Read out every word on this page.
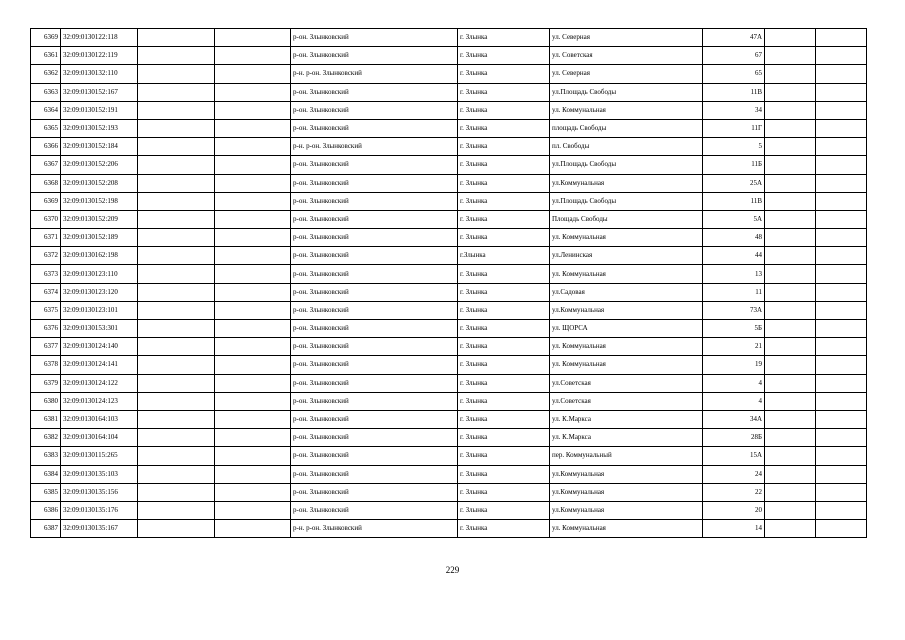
6369	32:09:0130122:118			р-он. Злынковский	г. Злынка	ул. Северная	47А		
6361	32:09:0130122:119			р-он. Злынковский	г. Злынка	ул. Советская	67		
6362	32:09:0130132:110			р-н. р-он. Злынковский	г. Злынка	ул. Северная	65		
6363	32:09:0130152:167			р-он. Злынковский	г. Злынка	ул.Площадь Свободы	11В		
6364	32:09:0130152:191			р-он. Злынковский	г. Злынка	ул. Коммунальная	34		
6365	32:09:0130152:193			р-он. Злынковский	г. Злынка	площадь Свободы	11Г		
6366	32:09:0130152:184			р-н. р-он. Злынковский	г. Злынка	пл. Свободы	5		
6367	32:09:0130152:206			р-он. Злынковский	г. Злынка	ул.Площадь Свободы	11Б		
6368	32:09:0130152:208			р-он. Злынковский	г. Злынка	ул.Коммунальная	25А		
6369	32:09:0130152:198			р-он. Злынковский	г. Злынка	ул.Площадь Свободы	11В		
6370	32:09:0130152:209			р-он. Злынковский	г. Злынка	Площадь Свободы	5А		
6371	32:09:0130152:189			р-он. Злынковский	г. Злынка	ул. Коммунальная	48		
6372	32:09:0130162:198			р-он. Злынковский	г.Злынка	ул.Ленинская	44		
6373	32:09:0130123:110			р-он. Злынковский	г. Злынка	ул. Коммунальная	13		
6374	32:09:0130123:120			р-он. Злынковский	г. Злынка	ул.Садовая	11		
6375	32:09:0130123:101			р-он. Злынковский	г. Злынка	ул.Коммунальная	73А		
6376	32:09:0130153:301			р-он. Злынковский	г. Злынка	ул. ЩОРСА	5Б		
6377	32:09:0130124:140			р-он. Злынковский	г. Злынка	ул. Коммунальная	21		
6378	32:09:0130124:141			р-он. Злынковский	г. Злынка	ул. Коммунальная	19		
6379	32:09:0130124:122			р-он. Злынковский	г. Злынка	ул.Советская	4		
6380	32:09:0130124:123			р-он. Злынковский	г. Злынка	ул.Советская	4		
6381	32:09:0130164:103			р-он. Злынковский	г. Злынка	ул. К.Маркса	34А		
6382	32:09:0130164:104			р-он. Злынковский	г. Злынка	ул. К.Маркса	28Б		
6383	32:09:0130115:265			р-он. Злынковский	г. Злынка	пер. Коммунальный	15А		
6384	32:09:0130135:103			р-он. Злынковский	г. Злынка	ул.Коммунальная	24		
6385	32:09:0130135:156			р-он. Злынковский	г. Злынка	ул.Коммунальная	22		
6386	32:09:0130135:176			р-он. Злынковский	г. Злынка	ул.Коммунальная	20		
6387	32:09:0130135:167			р-н. р-он. Злынковский	г. Злынка	ул. Коммунальная	14		
229
